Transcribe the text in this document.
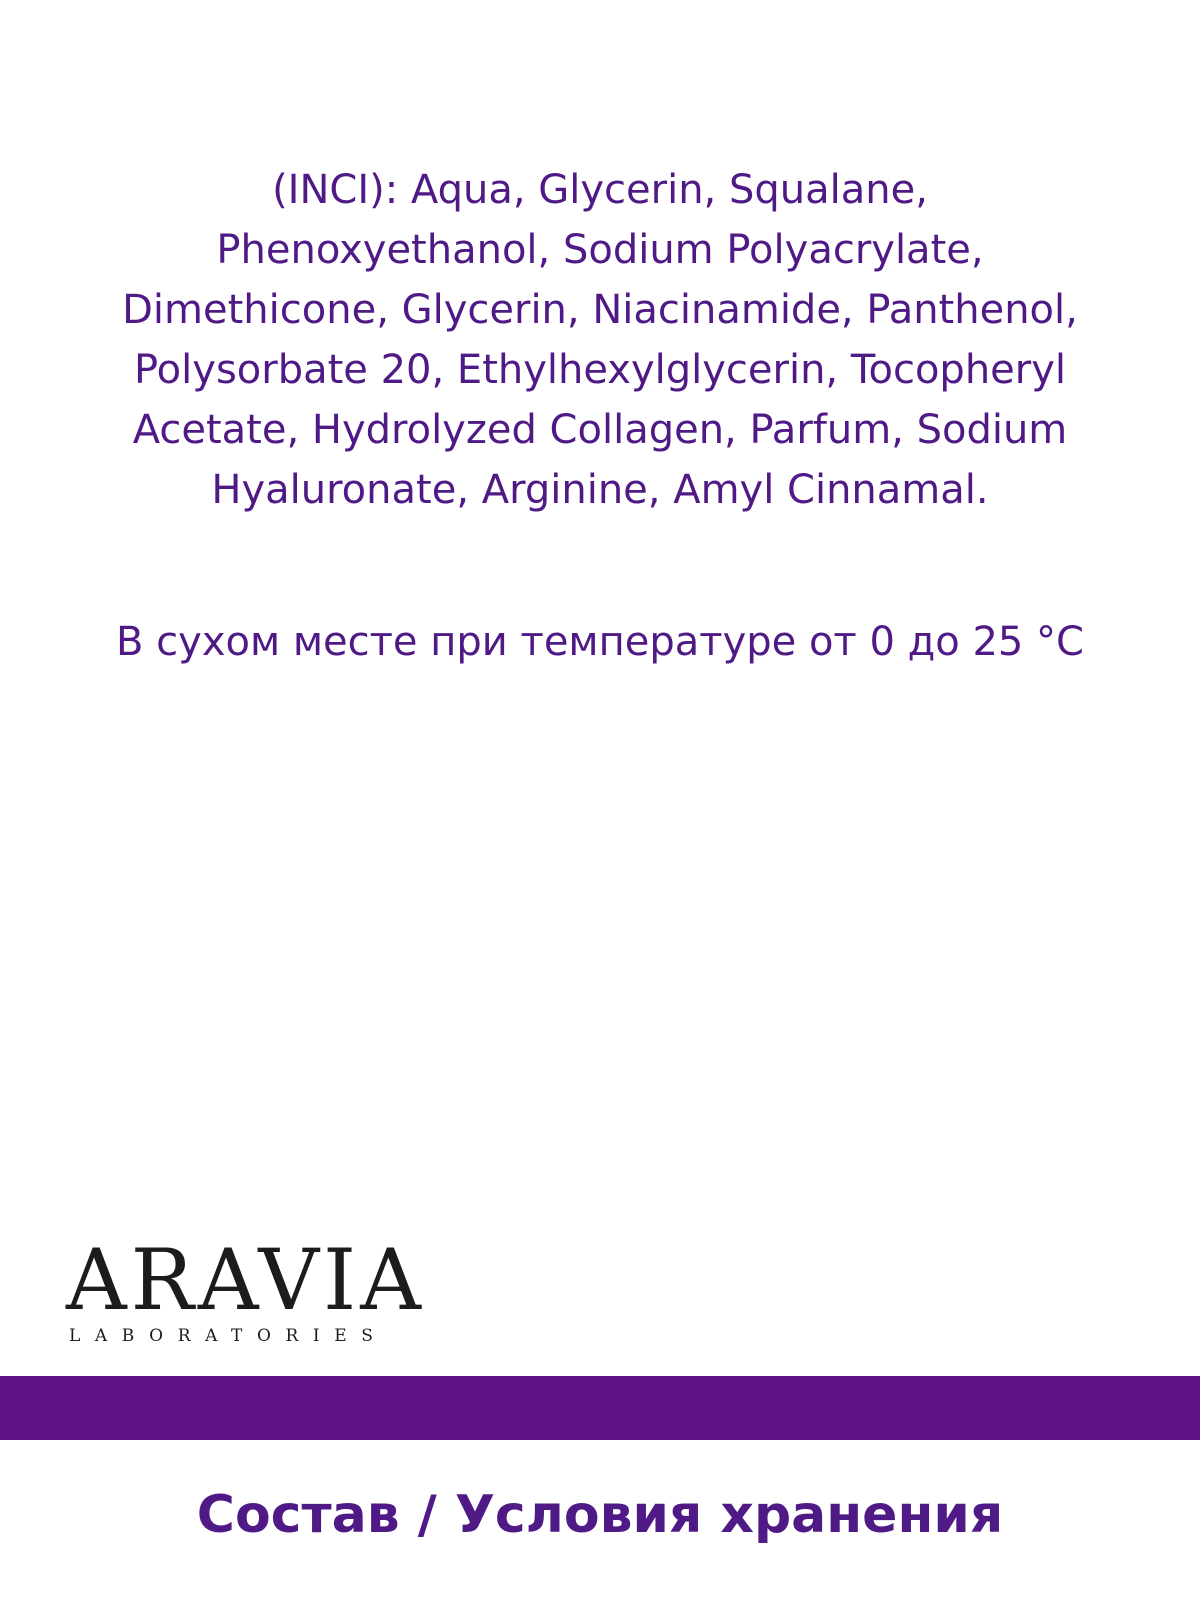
(INCI): Aqua, Glycerin, Squalane,
Phenoxyethanol, Sodium Polyacrylate,
Dimethicone, Glycerin, Niacinamide, Panthenol,
Polysorbate 20, Ethylhexylglycerin, Tocopheryl
Acetate, Hydrolyzed Collagen, Parfum, Sodium
Hyaluronate, Arginine, Amyl Cinnamal.

В сухом месте при температуре от 0 до 25 °С

ARAVIA
LABORATORIES
Состав / Условия хранения
